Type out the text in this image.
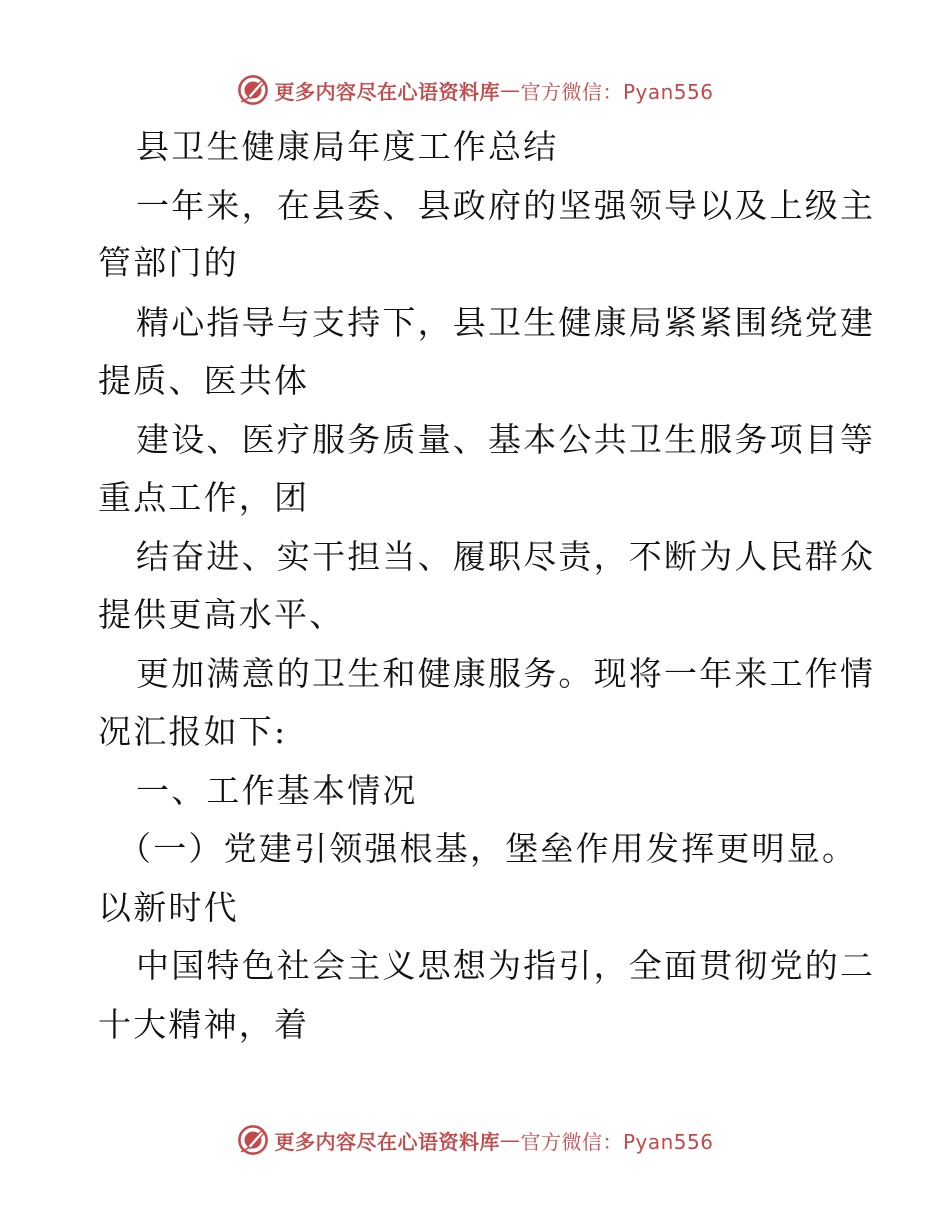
更多内容尽在心语资料库 — 官方微信：Pyan556
县卫生健康局年度工作总结
一年来，在县委、县政府的坚强领导以及上级主
管部门的
精心指导与支持下，县卫生健康局紧紧围绕党建
提质、医共体
建设、医疗服务质量、基本公共卫生服务项目等
重点工作，团
结奋进、实干担当、履职尽责，不断为人民群众
提供更高水平、
更加满意的卫生和健康服务。现将一年来工作情
况汇报如下:
一、工作基本情况
（一）党建引领强根基，堡垒作用发挥更明显。
以新时代
中国特色社会主义思想为指引，全面贯彻党的二
十大精神，着
更多内容尽在心语资料库 — 官方微信：Pyan556
